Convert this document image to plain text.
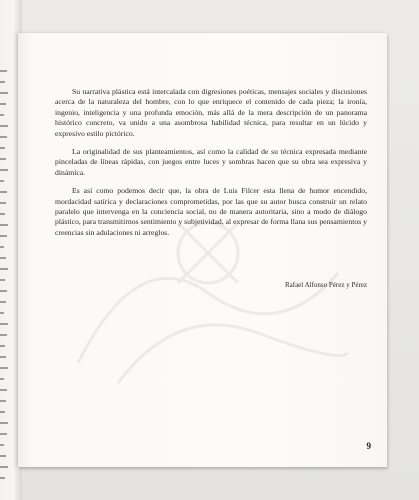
Su narrativa plástica está intercalada con digresiones poéticas, mensajes sociales y discusiones acerca de la naturaleza del hombre, con lo que enriquece el contenido de cada pieza; la ironía, ingenio, inteligencia y una profunda emoción, más allá de la mera descripción de un panorama histórico concreto, va unido a una asombrosa habilidad técnica, para resultar en un lúcido y expresivo estilo pictórico.

La originalidad de sus planteamientos, así como la calidad de su técnica expresada mediante pinceladas de líneas rápidas, con juegos entre luces y sombras hacen que su obra sea expresiva y dinámica.

Es así como podemos decir que, la obra de Luis Filcer esta llena de humor encendido, mordacidad satírica y declaraciones comprometidas, por las que su autor busca construir un relato paralelo que intervenga en la conciencia social, no de manera autoritaria, sino a modo de diálogo plástico, para transmitirnos sentimiento y subjetividad, al expresar de forma llana sus pensamientos y creencias sin adulaciones ni arreglos.

Rafael Alfonso Pérez y Pérez
9
